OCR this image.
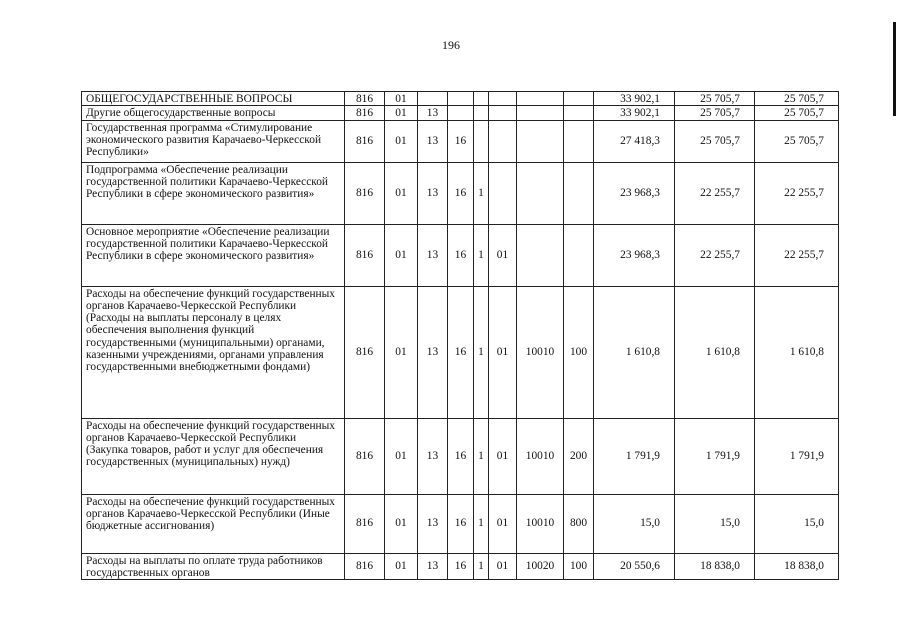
196
ОБЩЕГОСУДАРСТВЕННЫЕ ВОПРОСЫ	816	01							33 902,1	25 705,7	25 705,7
Другие общегосударственные вопросы	816	01	13						33 902,1	25 705,7	25 705,7
Государственная программа «Стимулирование экономического развития Карачаево-Черкесской Республики»	816	01	13	16					27 418,3	25 705,7	25 705,7
Подпрограмма «Обеспечение реализации государственной политики Карачаево-Черкесской Республики в сфере экономического развития»	816	01	13	16	1				23 968,3	22 255,7	22 255,7
Основное мероприятие «Обеспечение реализации государственной политики Карачаево-Черкесской Республики в сфере экономического развития»	816	01	13	16	1	01			23 968,3	22 255,7	22 255,7
Расходы на обеспечение функций государственных органов Карачаево-Черкесской Республики (Расходы на выплаты персоналу в целях обеспечения выполнения функций государственными (муниципальными) органами, казенными учреждениями, органами управления государственными внебюджетными фондами)	816	01	13	16	1	01	10010	100	1 610,8	1 610,8	1 610,8
Расходы на обеспечение функций государственных органов Карачаево-Черкесской Республики (Закупка товаров, работ и услуг для обеспечения государственных (муниципальных) нужд)	816	01	13	16	1	01	10010	200	1 791,9	1 791,9	1 791,9
Расходы на обеспечение функций государственных органов Карачаево-Черкесской Республики (Иные бюджетные ассигнования)	816	01	13	16	1	01	10010	800	15,0	15,0	15,0
Расходы на выплаты по оплате труда работников государственных органов	816	01	13	16	1	01	10020	100	20 550,6	18 838,0	18 838,0
